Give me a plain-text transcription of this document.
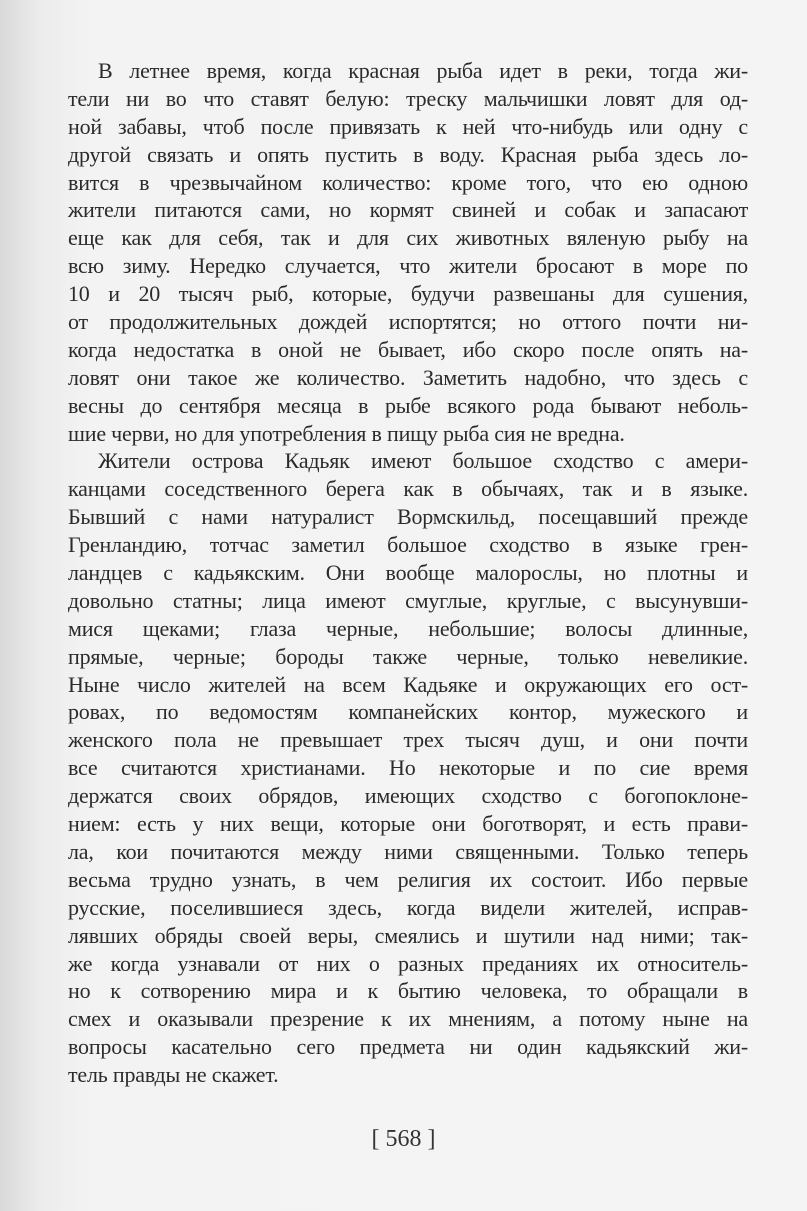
В летнее время, когда красная рыба идет в реки, тогда жи-
тели ни во что ставят белую: треску мальчишки ловят для од-
ной забавы, чтоб после привязать к ней что-нибудь или одну с
другой связать и опять пустить в воду. Красная рыба здесь ло-
вится в чрезвычайном количество: кроме того, что ею одною
жители питаются сами, но кормят свиней и собак и запасают
еще как для себя, так и для сих животных вяленую рыбу на
всю зиму. Нередко случается, что жители бросают в море по
10 и 20 тысяч рыб, которые, будучи развешаны для сушения,
от продолжительных дождей испортятся; но оттого почти ни-
когда недостатка в оной не бывает, ибо скоро после опять на-
ловят они такое же количество. Заметить надобно, что здесь с
весны до сентября месяца в рыбе всякого рода бывают неболь-
шие черви, но для употребления в пищу рыба сия не вредна.
Жители острова Кадьяк имеют большое сходство с амери-
канцами соседственного берега как в обычаях, так и в языке.
Бывший с нами натуралист Вормскильд, посещавший прежде
Гренландию, тотчас заметил большое сходство в языке грен-
ландцев с кадьякским. Они вообще малорослы, но плотны и
довольно статны; лица имеют смуглые, круглые, с высунувши-
мися щеками; глаза черные, небольшие; волосы длинные,
прямые, черные; бороды также черные, только невеликие.
Ныне число жителей на всем Кадьяке и окружающих его ост-
ровах, по ведомостям компанейских контор, мужеского и
женского пола не превышает трех тысяч душ, и они почти
все считаются христианами. Но некоторые и по сие время
держатся своих обрядов, имеющих сходство с богопоклоне-
нием: есть у них вещи, которые они боготворят, и есть прави-
ла, кои почитаются между ними священными. Только теперь
весьма трудно узнать, в чем религия их состоит. Ибо первые
русские, поселившиеся здесь, когда видели жителей, исправ-
лявших обряды своей веры, смеялись и шутили над ними; так-
же когда узнавали от них о разных преданиях их относитель-
но к сотворению мира и к бытию человека, то обращали в
смех и оказывали презрение к их мнениям, а потому ныне на
вопросы касательно сего предмета ни один кадьякский жи-
тель правды не скажет.
[ 568 ]
